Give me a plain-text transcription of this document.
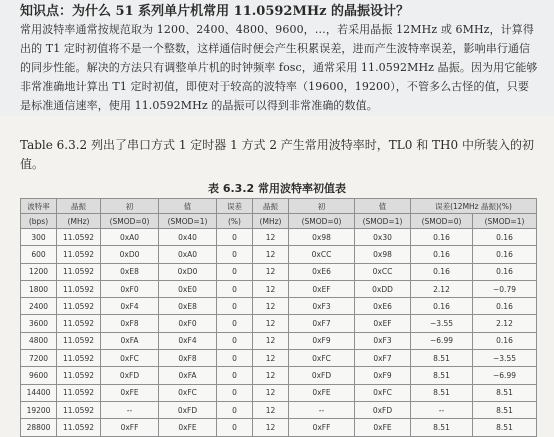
知识点：为什么 51 系列单片机常用 11.0592MHz 的晶振设计？
常用波特率通常按规范取为 1200、2400、4800、9600，…，若采用晶振 12MHz 或 6MHz，计算得出的 T1 定时初值将不是一个整数，这样通信时便会产生积累误差，进而产生波特率误差，影响串行通信的同步性能。解决的方法只有调整单片机的时钟频率 fosc，通常采用 11.0592MHz 晶振。因为用它能够非常准确地计算出 T1 定时初值，即使对于较高的波特率（19600，19200），不管多么古怪的值，只要是标准通信速率，使用 11.0592MHz 的晶振可以得到非常准确的数值。
Table 6.3.2 列出了串口方式 1 定时器 1 方式 2 产生常用波特率时，TL0 和 TH0 中所装入的初值。
表 6.3.2 常用波特率初值表
波特率	晶振	初	值	误差	晶振	初	值	误差(12MHz 晶振)(%)	
(bps)	(MHz)	(SMOD=0)	(SMOD=1)	(%)	(MHz)	(SMOD=0)	(SMOD=1)	(SMOD=0)	(SMOD=1)
300	11.0592	0xA0	0x40	0	12	0x98	0x30	0.16	0.16
600	11.0592	0xD0	0xA0	0	12	0xCC	0x98	0.16	0.16
1200	11.0592	0xE8	0xD0	0	12	0xE6	0xCC	0.16	0.16
1800	11.0592	0xF0	0xE0	0	12	0xEF	0xDD	2.12	−0.79
2400	11.0592	0xF4	0xE8	0	12	0xF3	0xE6	0.16	0.16
3600	11.0592	0xF8	0xF0	0	12	0xF7	0xEF	−3.55	2.12
4800	11.0592	0xFA	0xF4	0	12	0xF9	0xF3	−6.99	0.16
7200	11.0592	0xFC	0xF8	0	12	0xFC	0xF7	8.51	−3.55
9600	11.0592	0xFD	0xFA	0	12	0xFD	0xF9	8.51	−6.99
14400	11.0592	0xFE	0xFC	0	12	0xFE	0xFC	8.51	8.51
19200	11.0592	--	0xFD	0	12	--	0xFD	--	8.51
28800	11.0592	0xFF	0xFE	0	12	0xFF	0xFE	8.51	8.51
